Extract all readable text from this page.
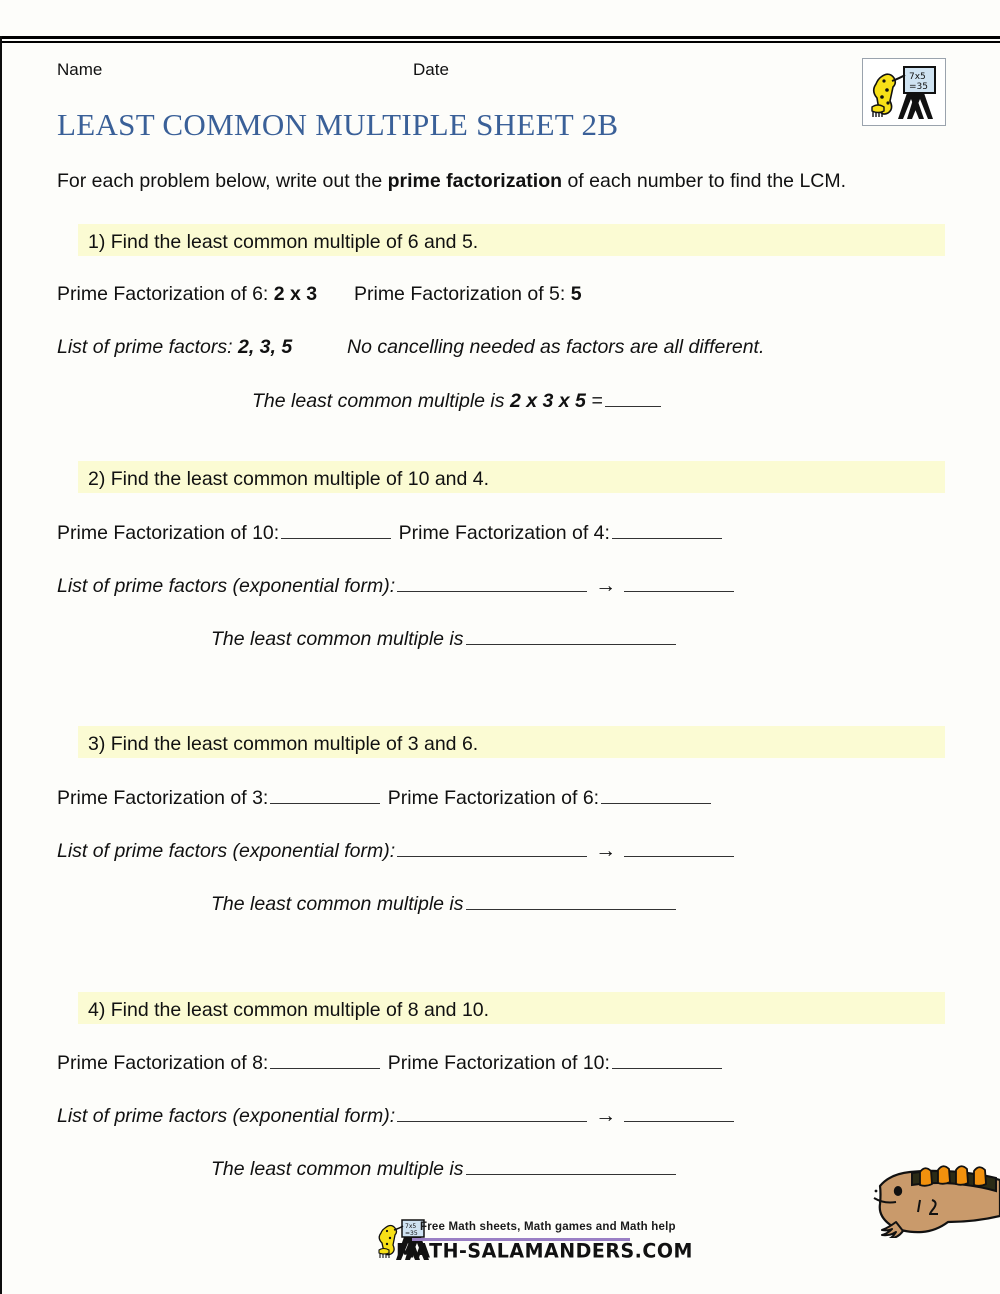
Name	Date	7x5
=35
LEAST COMMON MULTIPLE SHEET 2B
For each problem below, write out the prime factorization of each number to find the LCM.
1) Find the least common multiple of 6 and 5.
Prime Factorization of 6: 2 x 3 Prime Factorization of 5: 5
List of prime factors: 2, 3, 5	No cancelling needed as factors are all different.
The least common multiple is 2 x 3 x 5 =
2) Find the least common multiple of 10 and 4.
Prime Factorization of 10:	Prime Factorization of 4:
List of prime factors (exponential form):	→
The least common multiple is
3) Find the least common multiple of 3 and 6.
Prime Factorization of 3:	Prime Factorization of 6:
List of prime factors (exponential form):	→
The least common multiple is
4) Find the least common multiple of 8 and 10.
Prime Factorization of 8:	Prime Factorization of 10:
List of prime factors (exponential form):	→
The least common multiple is
7x5
=35
Free Math sheets, Math games and Math help
MATH-SALAMANDERS.COM
